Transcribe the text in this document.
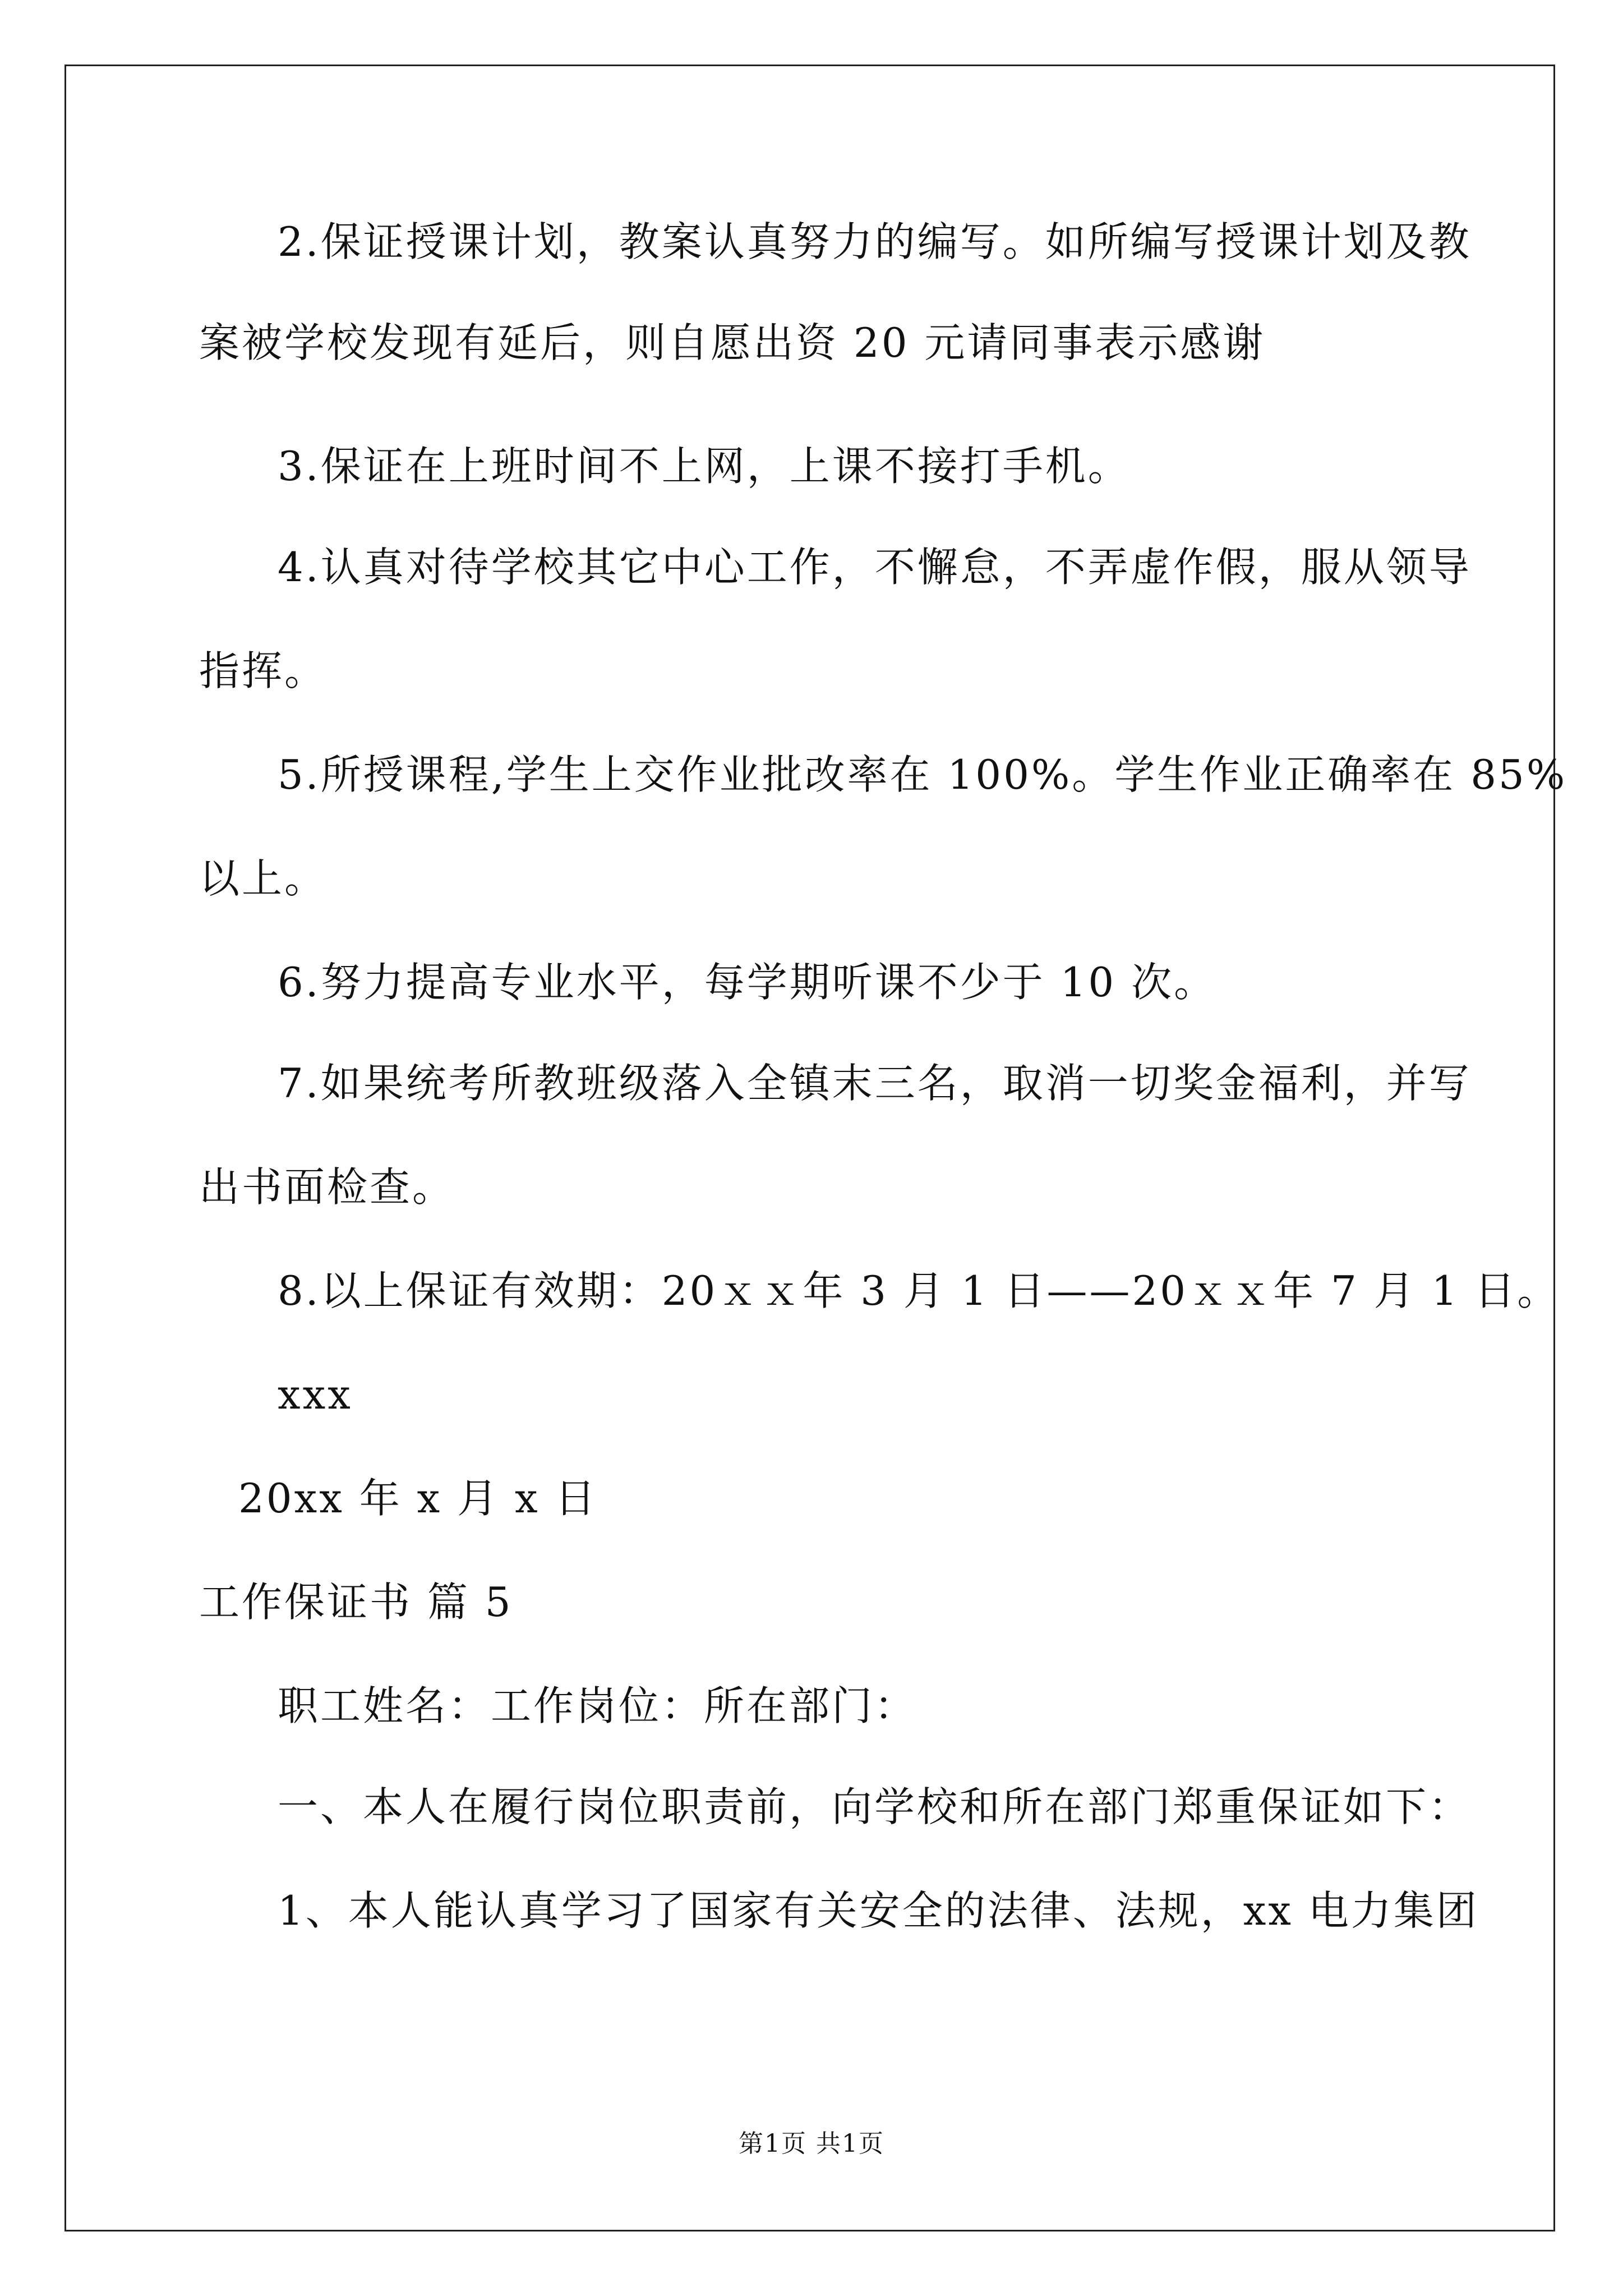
2.保证授课计划，教案认真努力的编写。如所编写授课计划及教
案被学校发现有延后，则自愿出资 20 元请同事表示感谢
3.保证在上班时间不上网，上课不接打手机。
4.认真对待学校其它中心工作，不懈怠，不弄虚作假，服从领导
指挥。
5.所授课程,学生上交作业批改率在 100%。学生作业正确率在 85%
以上。
6.努力提高专业水平，每学期听课不少于 10 次。
7.如果统考所教班级落入全镇末三名，取消一切奖金福利，并写
出书面检查。
8.以上保证有效期：20ｘｘ年 3 月 1 日——20ｘｘ年 7 月 1 日。
xxx
20xx 年 x 月 x 日
工作保证书 篇 5
职工姓名：工作岗位：所在部门：
一、本人在履行岗位职责前，向学校和所在部门郑重保证如下：
1、本人能认真学习了国家有关安全的法律、法规，xx 电力集团
第1页 共1页
